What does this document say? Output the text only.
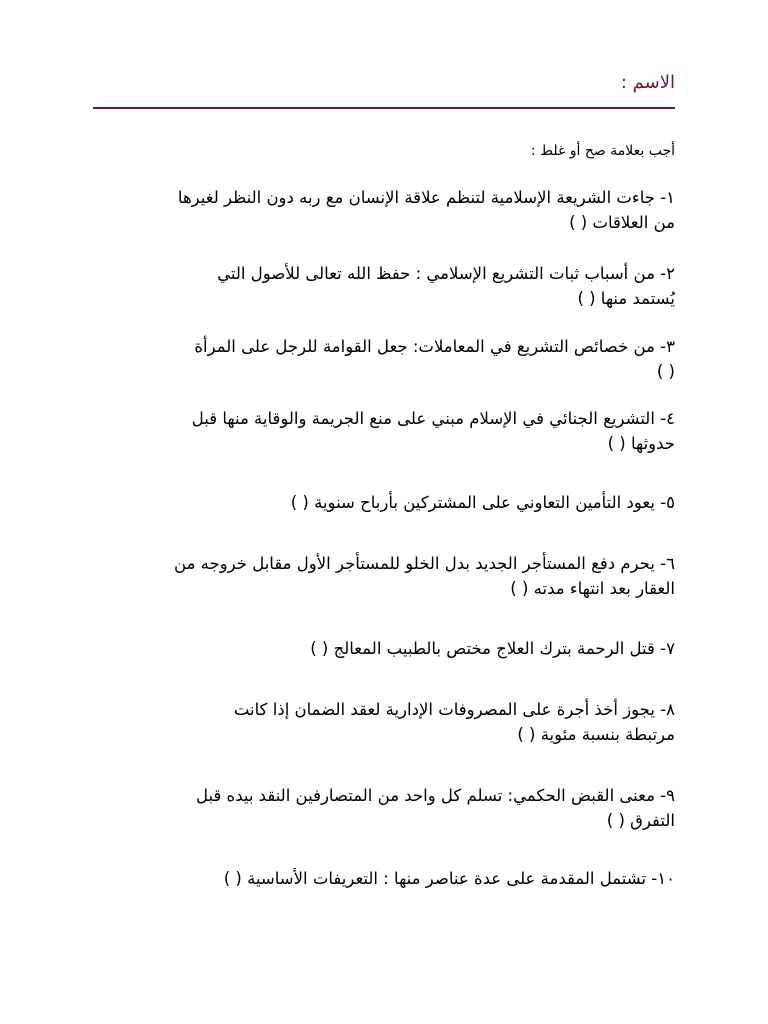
الاسم :
أجب بعلامة صح أو غلط :
١- جاءت الشريعة الإسلامية لتنظم علاقة الإنسان مع ربه دون النظر لغيرها
من العلاقات ( )
٢- من أسباب ثبات التشريع الإسلامي : حفظ الله تعالى للأصول التي
يُستمد منها ( )
٣- من خصائص التشريع في المعاملات: جعل القوامة للرجل على المرأة
( )
٤- التشريع الجنائي في الإسلام مبني على منع الجريمة والوقاية منها قبل
حدوثها ( )
٥- يعود التأمين التعاوني على المشتركين بأرباح سنوية ( )
٦- يحرم دفع المستأجر الجديد بدل الخلو للمستأجر الأول مقابل خروجه من
العقار بعد انتهاء مدته ( )
٧- قتل الرحمة بترك العلاج مختص بالطبيب المعالج ( )
٨- يجوز أخذ أجرة على المصروفات الإدارية لعقد الضمان إذا كانت
مرتبطة بنسبة مئوية ( )
٩- معنى القبض الحكمي: تسلم كل واحد من المتصارفين النقد بيده قبل
التفرق ( )
١٠- تشتمل المقدمة على عدة عناصر منها : التعريفات الأساسية ( )
